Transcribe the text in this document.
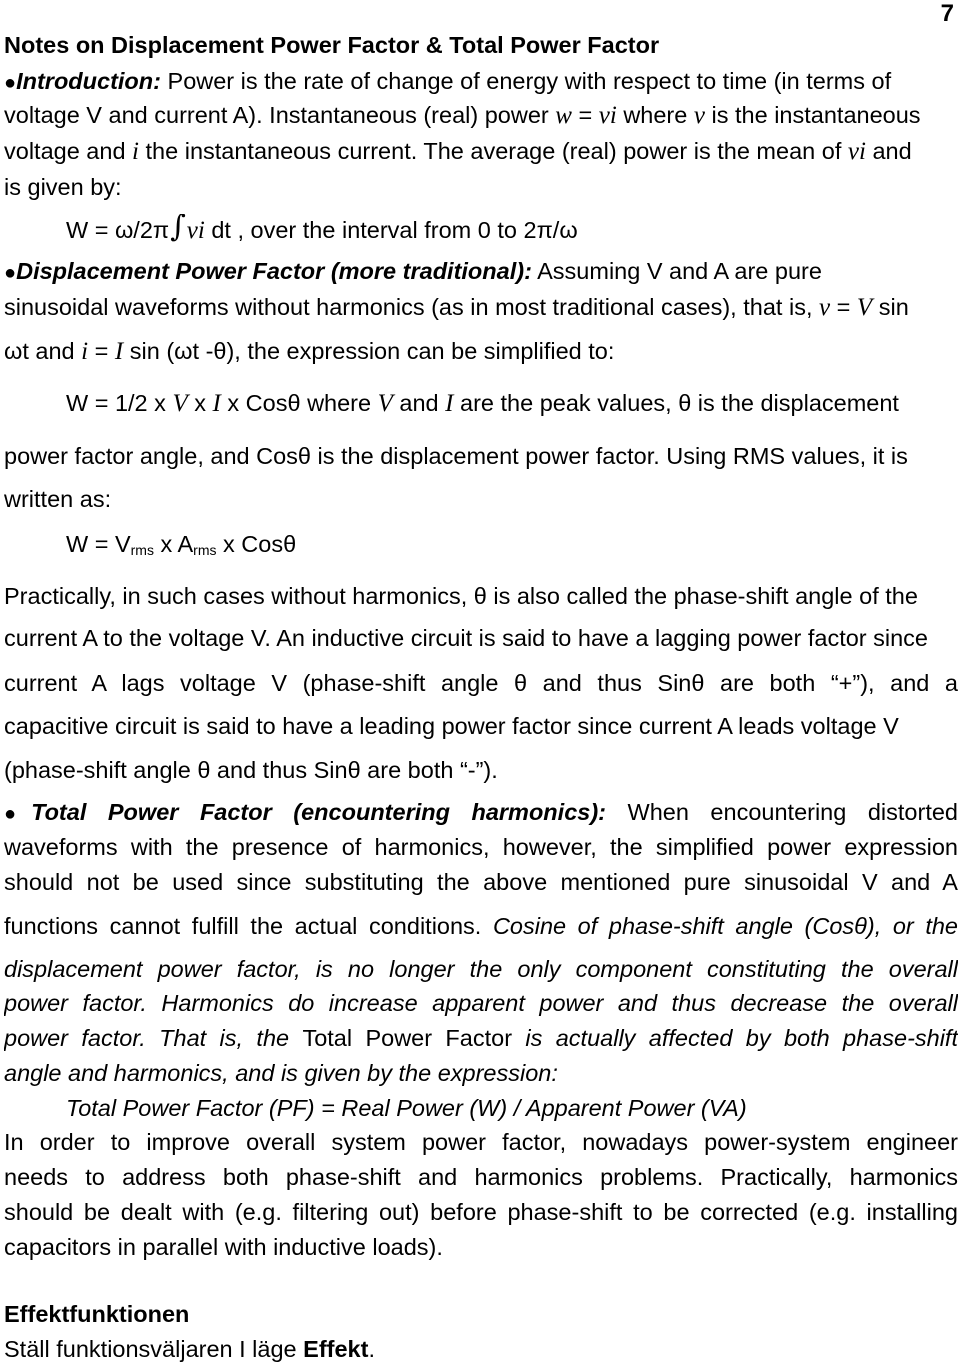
7
Notes on Displacement Power Factor & Total Power Factor
●Introduction: Power is the rate of change of energy with respect to time (in terms of
voltage V and current A). Instantaneous (real) power w = vi where v is the instantaneous
voltage and i the instantaneous current. The average (real) power is the mean of vi and
is given by:
W = ω/2π∫vi dt , over the interval from 0 to 2π/ω
●Displacement Power Factor (more traditional): Assuming V and A are pure
sinusoidal waveforms without harmonics (as in most traditional cases), that is, v = V sin
ωt and i = I sin (ωt -θ), the expression can be simplified to:
W = 1/2 x V x I x Cosθ where V and I are the peak values, θ is the displacement
power factor angle, and Cosθ is the displacement power factor. Using RMS values, it is
written as:
$W = V_{rms}$ x $A_{rms}$ x Cosθ
Practically, in such cases without harmonics, θ is also called the phase-shift angle of the
current A to the voltage V. An inductive circuit is said to have a lagging power factor since
current A lags voltage V (phase-shift angle θ and thus Sinθ are both “+”), and a
capacitive circuit is said to have a leading power factor since current A leads voltage V
(phase-shift angle θ and thus Sinθ are both “-”).
●Total Power Factor (encountering harmonics): When encountering distorted
waveforms with the presence of harmonics, however, the simplified power expression
should not be used since substituting the above mentioned pure sinusoidal V and A
functions cannot fulfill the actual conditions. Cosine of phase-shift angle (Cosθ), or the
displacement power factor, is no longer the only component constituting the overall
power factor. Harmonics do increase apparent power and thus decrease the overall
power factor. That is, the Total Power Factor is actually affected by both phase-shift
angle and harmonics, and is given by the expression:
Total Power Factor (PF) = Real Power (W) / Apparent Power (VA)
In order to improve overall system power factor, nowadays power-system engineer
needs to address both phase-shift and harmonics problems. Practically, harmonics
should be dealt with (e.g. filtering out) before phase-shift to be corrected (e.g. installing
capacitors in parallel with inductive loads).
Effektfunktionen
Ställ funktionsväljaren I läge Effekt.
